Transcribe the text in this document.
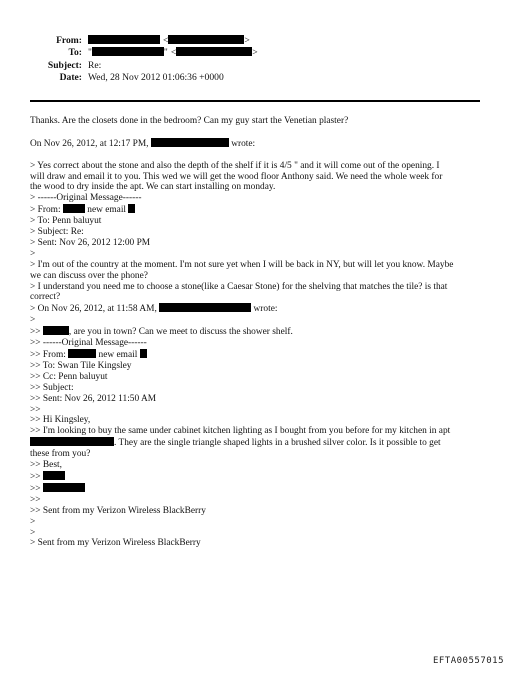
From:	<	>
To: "	" <	>
Subject: Re:
Date: Wed, 28 Nov 2012 01:06:36 +0000
Thanks. Are the closets done in the bedroom? Can my guy start the Venetian plaster?
On Nov 26, 2012, at 12:17 PM,	wrote:
> Yes correct about the stone and also the depth of the shelf if it is 4/5 " and it will come out of the opening. I
will draw and email it to you. This wed we will get the wood floor Anthony said. We need the whole week for
the wood to dry inside the apt. We can start installing on monday.
> ------Original Message------
> From:	new email
> To: Penn baluyut
> Subject: Re:
> Sent: Nov 26, 2012 12:00 PM
>
> I'm out of the country at the moment. I'm not sure yet when I will be back in NY, but will let you know. Maybe
we can discuss over the phone?
> I understand you need me to choose a stone(like a Caesar Stone) for the shelving that matches the tile? is that
correct?
> On Nov 26, 2012, at 11:58 AM,	wrote:
>
>>	, are you in town? Can we meet to discuss the shower shelf.
>> ------Original Message------
>> From:	new email
>> To: Swan Tile Kingsley
>> Cc: Penn baluyut
>> Subject:
>> Sent: Nov 26, 2012 11:50 AM
>>
>> Hi Kingsley,
>> I'm looking to buy the same under cabinet kitchen lighting as I bought from you before for my kitchen in apt
. They are the single triangle shaped lights in a brushed silver color. Is it possible to get
these from you?
>> Best,
>>
>>
>>
>> Sent from my Verizon Wireless BlackBerry
>
>
> Sent from my Verizon Wireless BlackBerry
EFTA00557015
